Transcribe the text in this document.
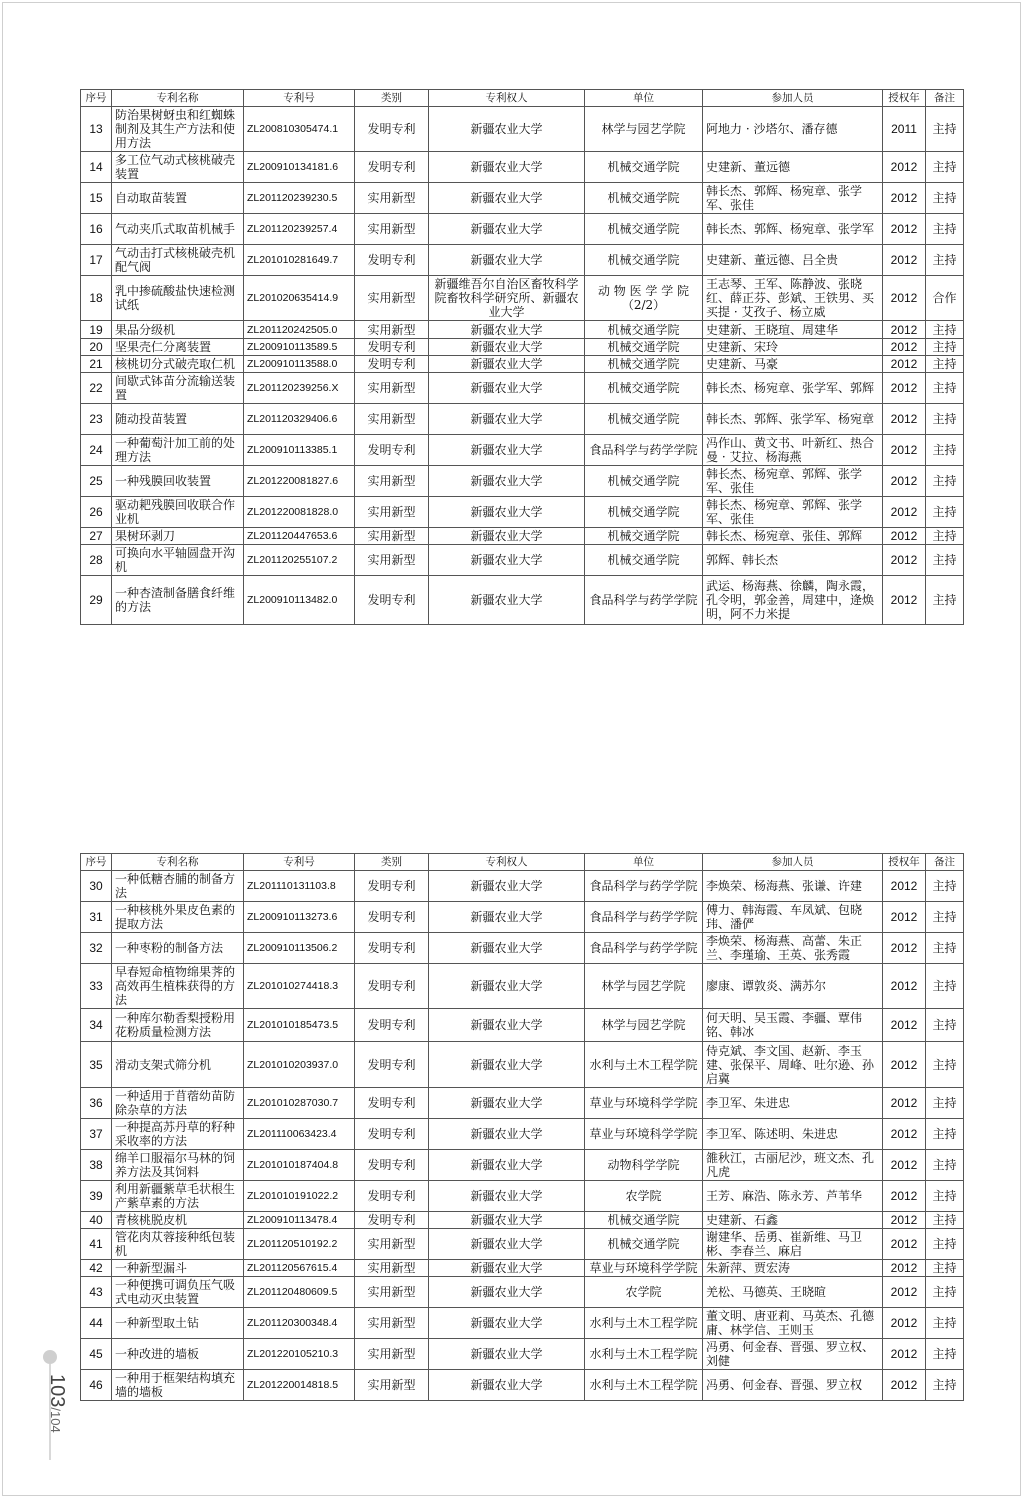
序号	专利名称	专利号	类别	专利权人	单位	参加人员	授权年	备注
13	防治果树蚜虫和红蜘蛛制剂及其生产方法和使用方法	ZL200810305474.1	发明专利	新疆农业大学	林学与园艺学院	阿地力 · 沙塔尔、潘存德	2011	主持
14	多工位气动式核桃破壳装置	ZL200910134181.6	发明专利	新疆农业大学	机械交通学院	史建新、董远德	2012	主持
15	自动取苗装置	ZL201120239230.5	实用新型	新疆农业大学	机械交通学院	韩长杰、郭辉、杨宛章、张学军、张佳	2012	主持
16	气动夹爪式取苗机械手	ZL201120239257.4	实用新型	新疆农业大学	机械交通学院	韩长杰、郭辉、杨宛章、张学军	2012	主持
17	气动击打式核桃破壳机配气阀	ZL201010281649.7	发明专利	新疆农业大学	机械交通学院	史建新、董远德、吕全贵	2012	主持
18	乳中掺硫酸盐快速检测试纸	ZL201020635414.9	实用新型	新疆维吾尔自治区畜牧科学院畜牧科学研究所、新疆农业大学	动 物 医 学 学 院（2/2）	王志琴、王军、陈静波、张晓红、薛正芬、彭斌、王铁男、买买提 · 艾孜子、杨立威	2012	合作
19	果品分级机	ZL201120242505.0	实用新型	新疆农业大学	机械交通学院	史建新、王晓瑄、周建华	2012	主持
20	坚果壳仁分离装置	ZL200910113589.5	发明专利	新疆农业大学	机械交通学院	史建新、宋玲	2012	主持
21	核桃切分式破壳取仁机	ZL200910113588.0	发明专利	新疆农业大学	机械交通学院	史建新、马豪	2012	主持
22	间歇式钵苗分流输送装置	ZL201120239256.X	实用新型	新疆农业大学	机械交通学院	韩长杰、杨宛章、张学军、郭辉	2012	主持
23	随动投苗装置	ZL201120329406.6	实用新型	新疆农业大学	机械交通学院	韩长杰、郭辉、张学军、杨宛章	2012	主持
24	一种葡萄汁加工前的处理方法	ZL200910113385.1	发明专利	新疆农业大学	食品科学与药学学院	冯作山、黄文书、叶新红、热合曼 · 艾拉、杨海燕	2012	主持
25	一种残膜回收装置	ZL201220081827.6	实用新型	新疆农业大学	机械交通学院	韩长杰、杨宛章、郭辉、张学军、张佳	2012	主持
26	驱动耙残膜回收联合作业机	ZL201220081828.0	实用新型	新疆农业大学	机械交通学院	韩长杰、杨宛章、郭辉、张学军、张佳	2012	主持
27	果树环剥刀	ZL201120447653.6	实用新型	新疆农业大学	机械交通学院	韩长杰、杨宛章、张佳、郭辉	2012	主持
28	可换向水平轴圆盘开沟机	ZL201120255107.2	实用新型	新疆农业大学	机械交通学院	郭辉、韩长杰	2012	主持
29	一种杏渣制备膳食纤维的方法	ZL200910113482.0	发明专利	新疆农业大学	食品科学与药学学院	武运、杨海燕、徐麟，陶永霞，孔令明，郭金善，周建中，逄焕明，阿不力米提	2012	主持
序号	专利名称	专利号	类别	专利权人	单位	参加人员	授权年	备注
30	一种低糖杏脯的制备方法	ZL201110131103.8	发明专利	新疆农业大学	食品科学与药学学院	李焕荣、杨海燕、张谦、许建	2012	主持
31	一种核桃外果皮色素的提取方法	ZL200910113273.6	发明专利	新疆农业大学	食品科学与药学学院	傅力、韩海霞、车凤斌、包晓玮、潘俨	2012	主持
32	一种枣粉的制备方法	ZL200910113506.2	发明专利	新疆农业大学	食品科学与药学学院	李焕荣、杨海燕、高蕾、朱正兰、李瑾瑜、王英、张秀霞	2012	主持
33	早春短命植物绵果荠的高效再生植株获得的方法	ZL201010274418.3	发明专利	新疆农业大学	林学与园艺学院	廖康、谭敦炎、满苏尔	2012	主持
34	一种库尔勒香梨授粉用花粉质量检测方法	ZL201010185473.5	发明专利	新疆农业大学	林学与园艺学院	何天明、吴玉霞、李疆、覃伟铭、韩冰	2012	主持
35	滑动支架式筛分机	ZL201010203937.0	发明专利	新疆农业大学	水利与土木工程学院	侍克斌、李文国、赵新、李玉建、张保平、周峰、吐尔逊、孙启冀	2012	主持
36	一种适用于苜蓿幼苗防除杂草的方法	ZL201010287030.7	发明专利	新疆农业大学	草业与环境科学学院	李卫军、朱进忠	2012	主持
37	一种提高苏丹草的籽种采收率的方法	ZL201110063423.4	发明专利	新疆农业大学	草业与环境科学学院	李卫军、陈述明、朱进忠	2012	主持
38	绵羊口服福尔马林的饲养方法及其饲料	ZL201010187404.8	发明专利	新疆农业大学	动物科学学院	雒秋江，古丽尼沙，班文杰、孔凡虎	2012	主持
39	利用新疆紫草毛状根生产紫草素的方法	ZL201010191022.2	发明专利	新疆农业大学	农学院	王芳、麻浩、陈永芳、芦苇华	2012	主持
40	青核桃脱皮机	ZL200910113478.4	发明专利	新疆农业大学	机械交通学院	史建新、石鑫	2012	主持
41	管花肉苁蓉接种纸包装机	ZL201120510192.2	实用新型	新疆农业大学	机械交通学院	谢建华、岳勇、崔新维、马卫彬、李春兰、麻启	2012	主持
42	一种新型漏斗	ZL201120567615.4	实用新型	新疆农业大学	草业与环境科学学院	朱新萍、贾宏涛	2012	主持
43	一种便携可调负压气吸式电动灭虫装置	ZL201120480609.5	实用新型	新疆农业大学	农学院	羌松、马德英、王晓暄	2012	主持
44	一种新型取土钻	ZL201120300348.4	实用新型	新疆农业大学	水利与土木工程学院	董文明、唐亚莉、马英杰、孔德庸、林学信、王则玉	2012	主持
45	一种改进的墙板	ZL201220105210.3	实用新型	新疆农业大学	水利与土木工程学院	冯勇、何金春、晋强、罗立权、刘健	2012	主持
46	一种用于框架结构填充墙的墙板	ZL201220014818.5	实用新型	新疆农业大学	水利与土木工程学院	冯勇、何金春、晋强、罗立权	2012	主持
103/104
